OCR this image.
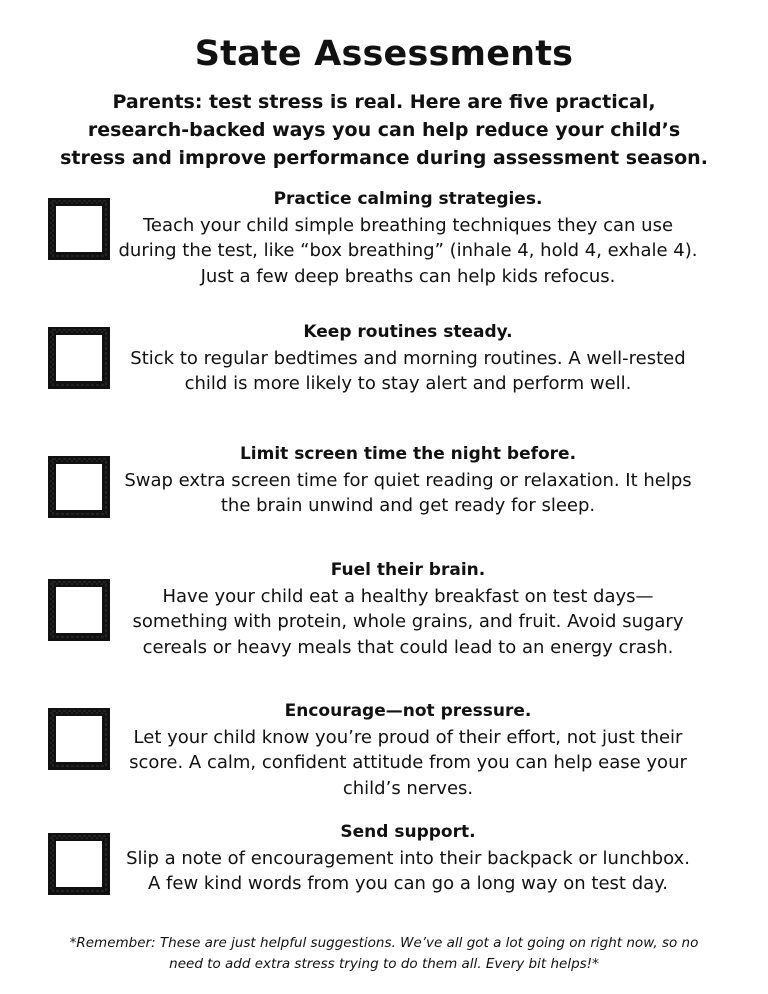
State Assessments
Parents: test stress is real. Here are five practical, research-backed ways you can help reduce your child’s stress and improve performance during assessment season.
Practice calming strategies.
Teach your child simple breathing techniques they can use during the test, like “box breathing” (inhale 4, hold 4, exhale 4). Just a few deep breaths can help kids refocus.
Keep routines steady.
Stick to regular bedtimes and morning routines. A well-rested child is more likely to stay alert and perform well.
Limit screen time the night before.
Swap extra screen time for quiet reading or relaxation. It helps the brain unwind and get ready for sleep.
Fuel their brain.
Have your child eat a healthy breakfast on test days—something with protein, whole grains, and fruit. Avoid sugary cereals or heavy meals that could lead to an energy crash.
Encourage—not pressure.
Let your child know you’re proud of their effort, not just their score. A calm, confident attitude from you can help ease your child’s nerves.
Send support.
Slip a note of encouragement into their backpack or lunchbox. A few kind words from you can go a long way on test day.
*Remember: These are just helpful suggestions. We’ve all got a lot going on right now, so no need to add extra stress trying to do them all. Every bit helps!*
